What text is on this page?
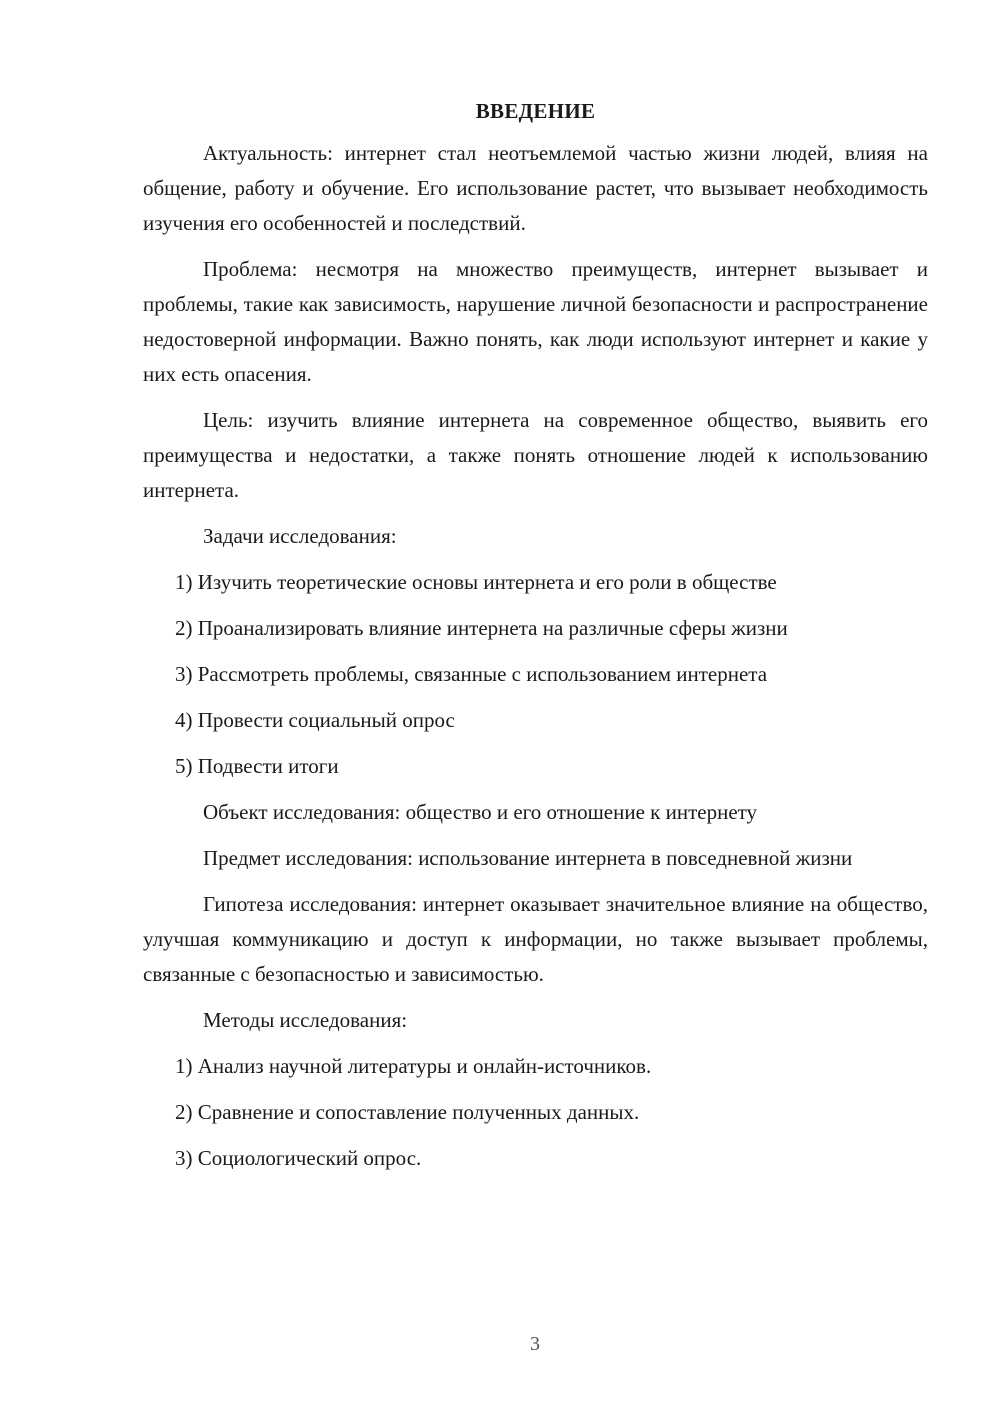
ВВЕДЕНИЕ

Актуальность: интернет стал неотъемлемой частью жизни людей, влияя на общение, работу и обучение. Его использование растет, что вызывает необходимость изучения его особенностей и последствий.

Проблема: несмотря на множество преимуществ, интернет вызывает и проблемы, такие как зависимость, нарушение личной безопасности и распространение недостоверной информации. Важно понять, как люди используют интернет и какие у них есть опасения.

Цель: изучить влияние интернета на современное общество, выявить его преимущества и недостатки, а также понять отношение людей к использованию интернета.

Задачи исследования:

1) Изучить теоретические основы интернета и его роли в обществе
2) Проанализировать влияние интернета на различные сферы жизни
3) Рассмотреть проблемы, связанные с использованием интернета
4) Провести социальный опрос
5) Подвести итоги

Объект исследования: общество и его отношение к интернету

Предмет исследования: использование интернета в повседневной жизни

Гипотеза исследования: интернет оказывает значительное влияние на общество, улучшая коммуникацию и доступ к информации, но также вызывает проблемы, связанные с безопасностью и зависимостью.

Методы исследования:

1) Анализ научной литературы и онлайн-источников.
2) Сравнение и сопоставление полученных данных.
3) Социологический опрос.
3
